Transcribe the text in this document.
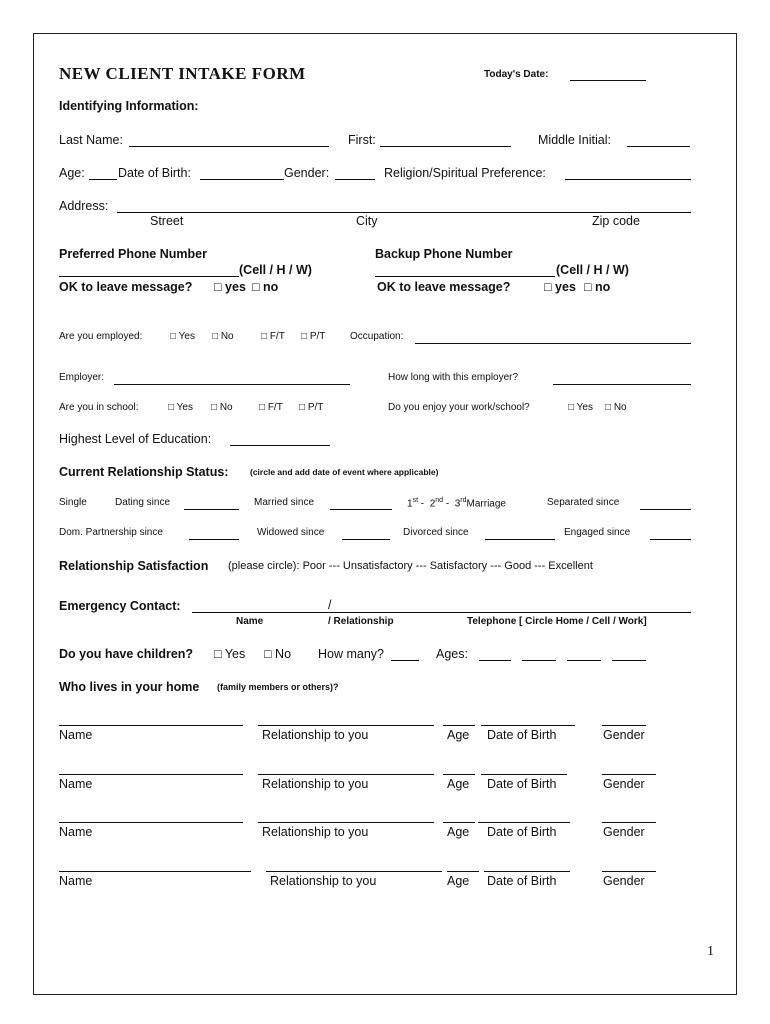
NEW CLIENT INTAKE FORM	Today's Date:
Identifying Information:
Last Name:	First:	Middle Initial:
Age:	Date of Birth:	Gender:	Religion/Spiritual Preference:
Address:
Street	City	Zip code
Preferred Phone Number
(Cell / H / W)
OK to leave message? □ yes □ no
Backup Phone Number
(Cell / H / W)
OK to leave message?	□ yes □ no
Are you employed:	□ Yes □ No	□ F/T □ P/T Occupation:
Employer:	How long with this employer?
Are you in school:	□ Yes □ No	□ F/T □ P/T	Do you enjoy your work/school?	□ Yes □ No
Highest Level of Education:
Current Relationship Status:	(circle and add date of event where applicable)
Single	Dating since	Married since	1st -  2nd -  3rdMarriage	Separated since
Dom. Partnership since	Widowed since	Divorced since	Engaged since
Relationship Satisfaction (please circle): Poor --- Unsatisfactory --- Satisfactory --- Good --- Excellent
Emergency Contact:	/
Name	/ Relationship	Telephone [ Circle Home / Cell / Work]
Do you have children? □ Yes □ No How many?	Ages:
Who lives in your home (family members or others)?
Name	Relationship to you	Age Date of Birth	Gender
Name	Relationship to you	Age Date of Birth	Gender
Name	Relationship to you	Age Date of Birth	Gender
Name	Relationship to you	Age Date of Birth	Gender
1
